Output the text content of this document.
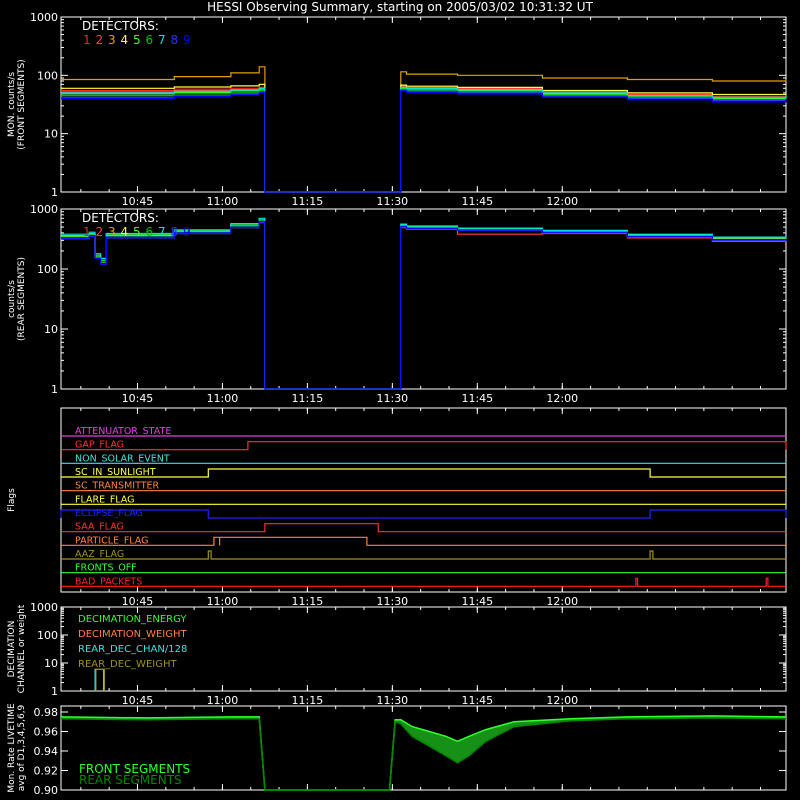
HESSI Observing Summary, starting on 2005/03/02 10:31:32 UT
1
10
100
1000
10:45	11:00	11:15	11:30	11:45	12:00
MON. counts/s (FRONT SEGMENTS)
DETECTORS:
1 2 3 4 5 6 7 8 9
1
10
100
1000
10:45	11:00	11:15	11:30	11:45	12:00
counts/s (REAR SEGMENTS)
DETECTORS:
1 2 3 4 5 6 7 8 9
10:45	11:00	11:15	11:30	11:45	12:00
Flags
ATTENUATOR_STATE
GAP_FLAG
NON_SOLAR_EVENT
SC_IN_SUNLIGHT
SC_TRANSMITTER
FLARE_FLAG
ECLIPSE_FLAG
SAA_FLAG
PARTICLE_FLAG
AAZ_FLAG
FRONTS_OFF
BAD_PACKETS
1
10
100
1000
10:45	11:00	11:15	11:30	11:45	12:00
DECIMATION CHANNEL or weight	DECIMATION_ENERGY
DECIMATION_WEIGHT
REAR_DEC_CHAN/128
REAR_DEC_WEIGHT
Mon. Rate LIVETIME avg of D1,3,4,5,6,9 0.90
0.92
0.94
0.96
0.98
FRONT SEGMENTS
REAR SEGMENTS
